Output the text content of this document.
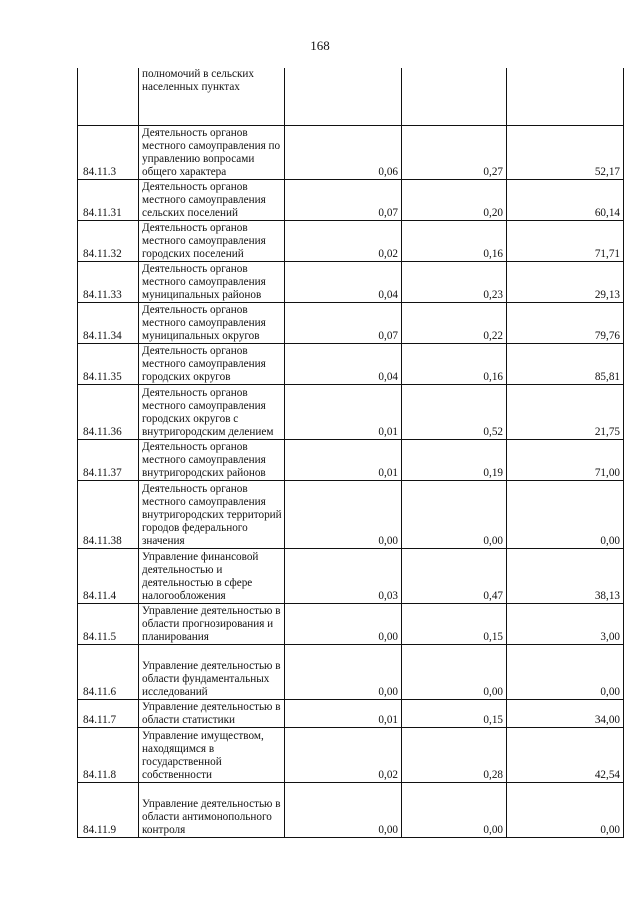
168
	полномочий в сельских населенных пунктах			
84.11.3	Деятельность органов местного самоуправления по управлению вопросами общего характера	0,06	0,27	52,17
84.11.31	Деятельность органов местного самоуправления сельских поселений	0,07	0,20	60,14
84.11.32	Деятельность органов местного самоуправления городских поселений	0,02	0,16	71,71
84.11.33	Деятельность органов местного самоуправления муниципальных районов	0,04	0,23	29,13
84.11.34	Деятельность органов местного самоуправления муниципальных округов	0,07	0,22	79,76
84.11.35	Деятельность органов местного самоуправления городских округов	0,04	0,16	85,81
84.11.36	Деятельность органов местного самоуправления городских округов с внутригородским делением	0,01	0,52	21,75
84.11.37	Деятельность органов местного самоуправления внутригородских районов	0,01	0,19	71,00
84.11.38	Деятельность органов местного самоуправления внутригородских территорий городов федерального значения	0,00	0,00	0,00
84.11.4	Управление финансовой деятельностью и деятельностью в сфере налогообложения	0,03	0,47	38,13
84.11.5	Управление деятельностью в области прогнозирования и планирования	0,00	0,15	3,00
84.11.6	Управление деятельностью в области фундаментальных исследований	0,00	0,00	0,00
84.11.7	Управление деятельностью в области статистики	0,01	0,15	34,00
84.11.8	Управление имуществом, находящимся в государственной собственности	0,02	0,28	42,54
84.11.9	Управление деятельностью в области антимонопольного контроля	0,00	0,00	0,00
